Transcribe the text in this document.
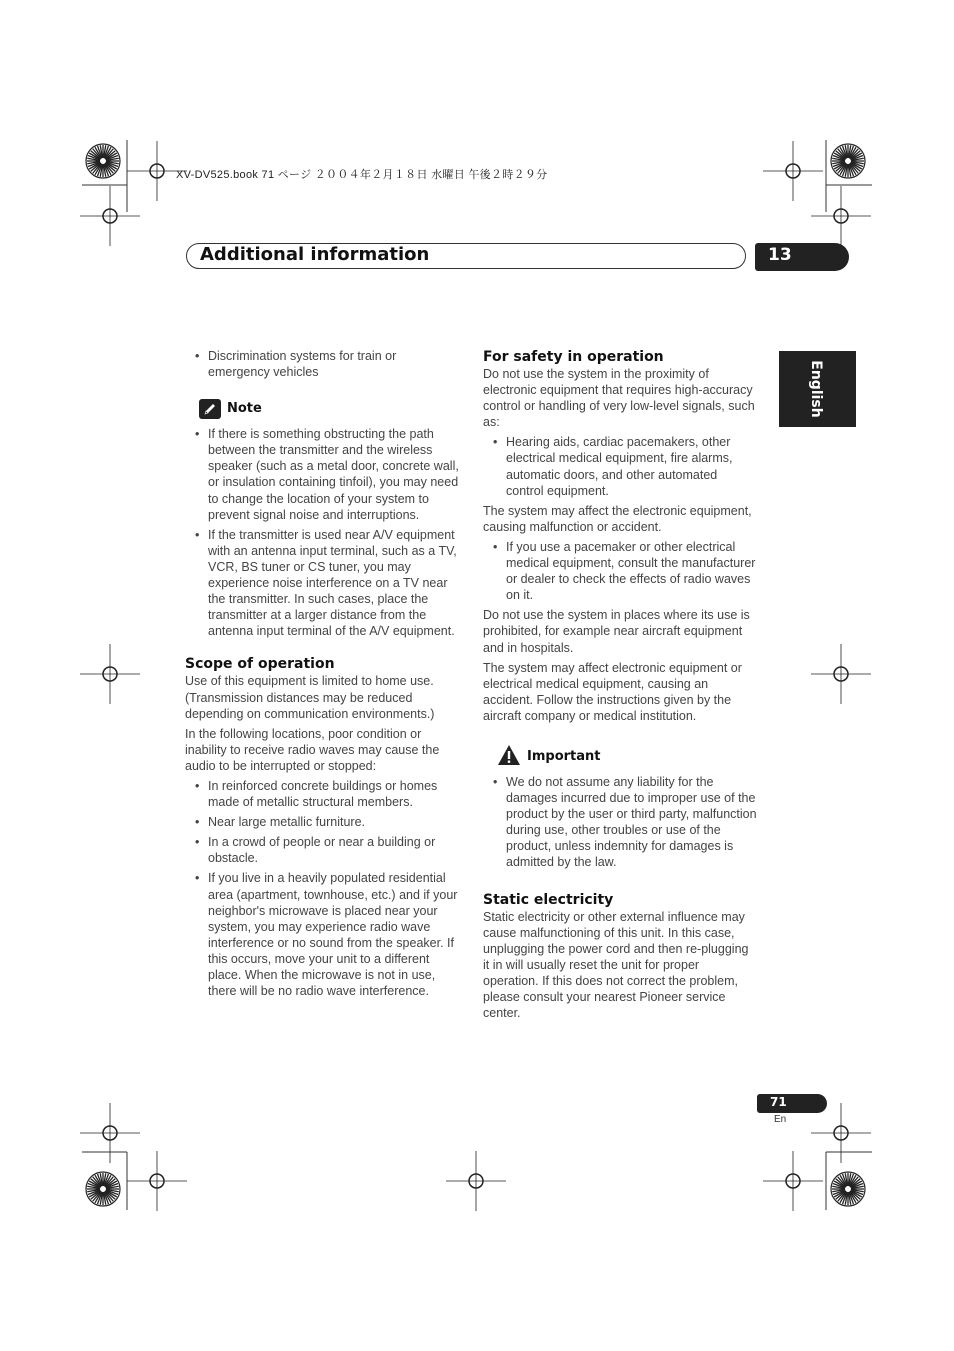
XV-DV525.book 71 ページ ２００４年２月１８日 水曜日 午後２時２９分
Additional information	13
English
• Discrimination systems for train or emergency vehicles
Note
• If there is something obstructing the path between the transmitter and the wireless speaker (such as a metal door, concrete wall, or insulation containing tinfoil), you may need to change the location of your system to prevent signal noise and interruptions.
• If the transmitter is used near A/V equipment with an antenna input terminal, such as a TV, VCR, BS tuner or CS tuner, you may experience noise interference on a TV near the transmitter. In such cases, place the transmitter at a larger distance from the antenna input terminal of the A/V equipment.
Scope of operation

Use of this equipment is limited to home use. (Transmission distances may be reduced depending on communication environments.)

In the following locations, poor condition or inability to receive radio waves may cause the audio to be interrupted or stopped:

• In reinforced concrete buildings or homes made of metallic structural members.
• Near large metallic furniture.
• In a crowd of people or near a building or obstacle.
• If you live in a heavily populated residential area (apartment, townhouse, etc.) and if your neighbor's microwave is placed near your system, you may experience radio wave interference or no sound from the speaker. If this occurs, move your unit to a different place. When the microwave is not in use, there will be no radio wave interference.
For safety in operation

Do not use the system in the proximity of electronic equipment that requires high-accuracy control or handling of very low-level signals, such as:

• Hearing aids, cardiac pacemakers, other electrical medical equipment, fire alarms, automatic doors, and other automated control equipment.

The system may affect the electronic equipment, causing malfunction or accident.

• If you use a pacemaker or other electrical medical equipment, consult the manufacturer or dealer to check the effects of radio waves on it.

Do not use the system in places where its use is prohibited, for example near aircraft equipment and in hospitals.

The system may affect electronic equipment or electrical medical equipment, causing an accident. Follow the instructions given by the aircraft company or medical institution.

Important
• We do not assume any liability for the damages incurred due to improper use of the product by the user or third party, malfunction during use, other troubles or use of the product, unless indemnity for damages is admitted by the law.
Static electricity

Static electricity or other external influence may cause malfunctioning of this unit. In this case, unplugging the power cord and then re-plugging it in will usually reset the unit for proper operation. If this does not correct the problem, please consult your nearest Pioneer service center.

71
En
